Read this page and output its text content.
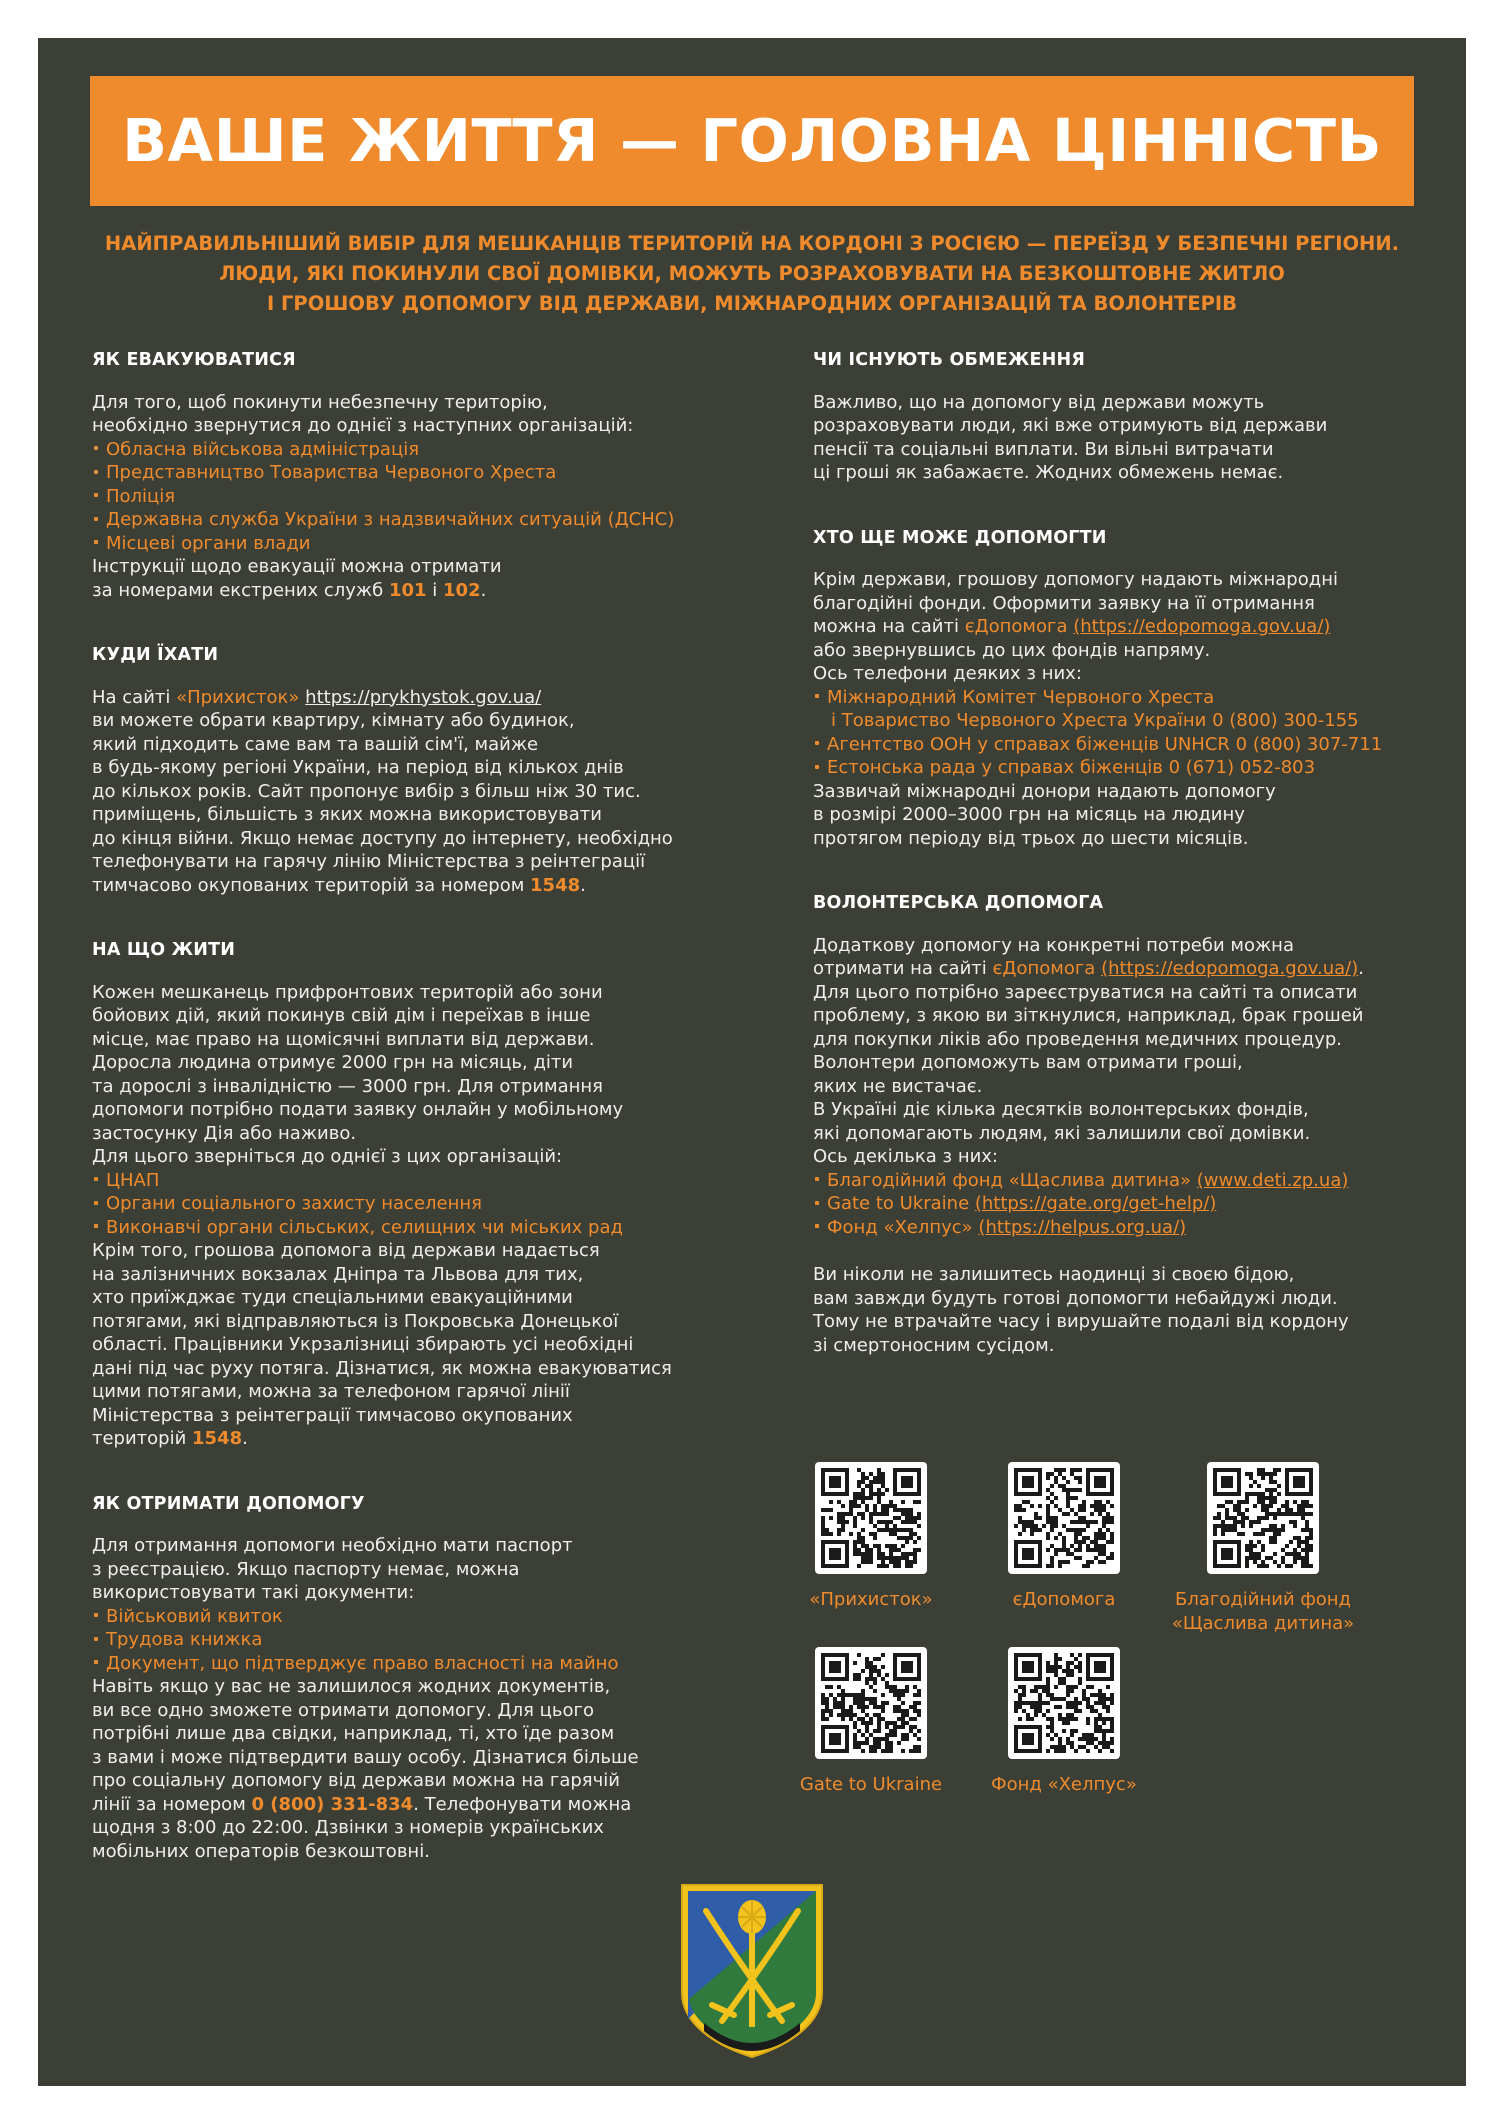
ВАШЕ ЖИТТЯ — ГОЛОВНА ЦІННІСТЬ
НАЙПРАВИЛЬНІШИЙ ВИБІР ДЛЯ МЕШКАНЦІВ ТЕРИТОРІЙ НА КОРДОНІ З РОСІЄЮ — ПЕРЕЇЗД У БЕЗПЕЧНІ РЕГІОНИ.
ЛЮДИ, ЯКІ ПОКИНУЛИ СВОЇ ДОМІВКИ, МОЖУТЬ РОЗРАХОВУВАТИ НА БЕЗКОШТОВНЕ ЖИТЛО
І ГРОШОВУ ДОПОМОГУ ВІД ДЕРЖАВИ, МІЖНАРОДНИХ ОРГАНІЗАЦІЙ ТА ВОЛОНТЕРІВ
ЯК ЕВАКУЮВАТИСЯ

Для того, щоб покинути небезпечну територію,

необхідно звернутися до однієї з наступних організацій:

Обласна військова адміністрація

Представництво Товариства Червоного Хреста

Поліція

Державна служба України з надзвичайних ситуацій (ДСНС)

Місцеві органи влади

Інструкції щодо евакуації можна отримати

за номерами екстрених служб 101 і 102.

КУДИ ЇХАТИ

На сайті «Прихисток» https://prykhystok.gov.ua/

ви можете обрати квартиру, кімнату або будинок,

який підходить саме вам та вашій сім'ї, майже

в будь-якому регіоні України, на період від кількох днів

до кількох років. Сайт пропонує вибір з більш ніж 30 тис.

приміщень, більшість з яких можна використовувати

до кінця війни. Якщо немає доступу до інтернету, необхідно

телефонувати на гарячу лінію Міністерства з реінтеграції

тимчасово окупованих територій за номером 1548.

НА ЩО ЖИТИ

Кожен мешканець прифронтових територій або зони

бойових дій, який покинув свій дім і переїхав в інше

місце, має право на щомісячні виплати від держави.

Доросла людина отримує 2000 грн на місяць, діти

та дорослі з інвалідністю — 3000 грн. Для отримання

допомоги потрібно подати заявку онлайн у мобільному

застосунку Дія або наживо.

Для цього зверніться до однієї з цих організацій:

ЦНАП

Органи соціального захисту населення

Виконавчі органи сільських, селищних чи міських рад

Крім того, грошова допомога від держави надається

на залізничних вокзалах Дніпра та Львова для тих,

хто приїжджає туди спеціальними евакуаційними

потягами, які відправляються із Покровська Донецької

області. Працівники Укрзалізниці збирають усі необхідні

дані під час руху потяга. Дізнатися, як можна евакуюватися

цими потягами, можна за телефоном гарячої лінії

Міністерства з реінтеграції тимчасово окупованих

територій 1548.

ЯК ОТРИМАТИ ДОПОМОГУ

Для отримання допомоги необхідно мати паспорт

з реєстрацією. Якщо паспорту немає, можна

використовувати такі документи:

Військовий квиток

Трудова книжка

Документ, що підтверджує право власності на майно

Навіть якщо у вас не залишилося жодних документів,

ви все одно зможете отримати допомогу. Для цього

потрібні лише два свідки, наприклад, ті, хто їде разом

з вами і може підтвердити вашу особу. Дізнатися більше

про соціальну допомогу від держави можна на гарячій

лінії за номером 0 (800) 331-834. Телефонувати можна

щодня з 8:00 до 22:00. Дзвінки з номерів українських

мобільних операторів безкоштовні.

ЧИ ІСНУЮТЬ ОБМЕЖЕННЯ

Важливо, що на допомогу від держави можуть

розраховувати люди, які вже отримують від держави

пенсії та соціальні виплати. Ви вільні витрачати

ці гроші як забажаєте. Жодних обмежень немає.

ХТО ЩЕ МОЖЕ ДОПОМОГТИ

Крім держави, грошову допомогу надають міжнародні

благодійні фонди. Оформити заявку на її отримання

можна на сайті єДопомога (https://edopomoga.gov.ua/)

або звернувшись до цих фондів напряму.

Ось телефони деяких з них:

Міжнародний Комітет Червоного Хреста

і Товариство Червоного Хреста України 0 (800) 300-155

Агентство ООН у справах біженців UNHCR 0 (800) 307-711

Естонська рада у справах біженців 0 (671) 052-803

Зазвичай міжнародні донори надають допомогу

в розмірі 2000–3000 грн на місяць на людину

протягом періоду від трьох до шести місяців.

ВОЛОНТЕРСЬКА ДОПОМОГА

Додаткову допомогу на конкретні потреби можна

отримати на сайті єДопомога (https://edopomoga.gov.ua/).

Для цього потрібно зареєструватися на сайті та описати

проблему, з якою ви зіткнулися, наприклад, брак грошей

для покупки ліків або проведення медичних процедур.

Волонтери допоможуть вам отримати гроші,

яких не вистачає.

В Україні діє кілька десятків волонтерських фондів,

які допомагають людям, які залишили свої домівки.

Ось декілька з них:

Благодійний фонд «Щаслива дитина» (www.deti.zp.ua)

Gate to Ukraine (https://gate.org/get-help/)

Фонд «Хелпус» (https://helpus.org.ua/)

Ви ніколи не залишитесь наодинці зі своєю бідою,

вам завжди будуть готові допомогти небайдужі люди.

Тому не втрачайте часу і вирушайте подалі від кордону

зі смертоносним сусідом.

«Прихисток»	єДопомога	Благодійний фонд
«Щаслива дитина»
Gate to Ukraine	Фонд «Хелпус»
